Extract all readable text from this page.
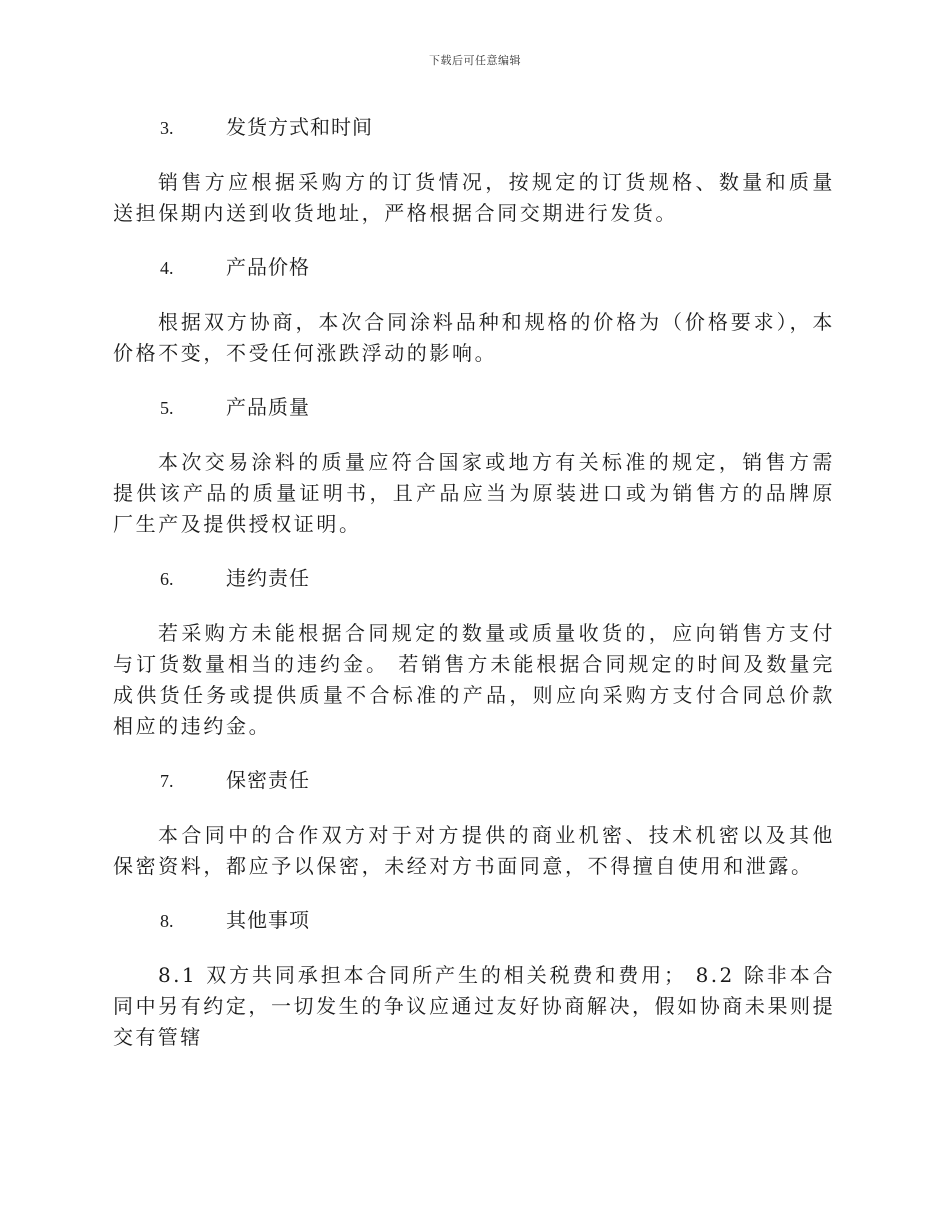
下载后可任意编辑
3.	发货方式和时间

销售方应根据采购方的订货情况，按规定的订货规格、数量和质量送担保期内送到收货地址，严格根据合同交期进行发货。

4.	产品价格

根据双方协商，本次合同涂料品种和规格的价格为（价格要求），本价格不变，不受任何涨跌浮动的影响。

5.	产品质量

本次交易涂料的质量应符合国家或地方有关标准的规定，销售方需提供该产品的质量证明书，且产品应当为原装进口或为销售方的品牌原厂生产及提供授权证明。

6.	违约责任

若采购方未能根据合同规定的数量或质量收货的，应向销售方支付与订货数量相当的违约金。 若销售方未能根据合同规定的时间及数量完成供货任务或提供质量不合标准的产品，则应向采购方支付合同总价款相应的违约金。

7.	保密责任

本合同中的合作双方对于对方提供的商业机密、技术机密以及其他保密资料，都应予以保密，未经对方书面同意，不得擅自使用和泄露。

8.	其他事项

8.1 双方共同承担本合同所产生的相关税费和费用； 8.2 除非本合同中另有约定，一切发生的争议应通过友好协商解决，假如协商未果则提交有管辖
